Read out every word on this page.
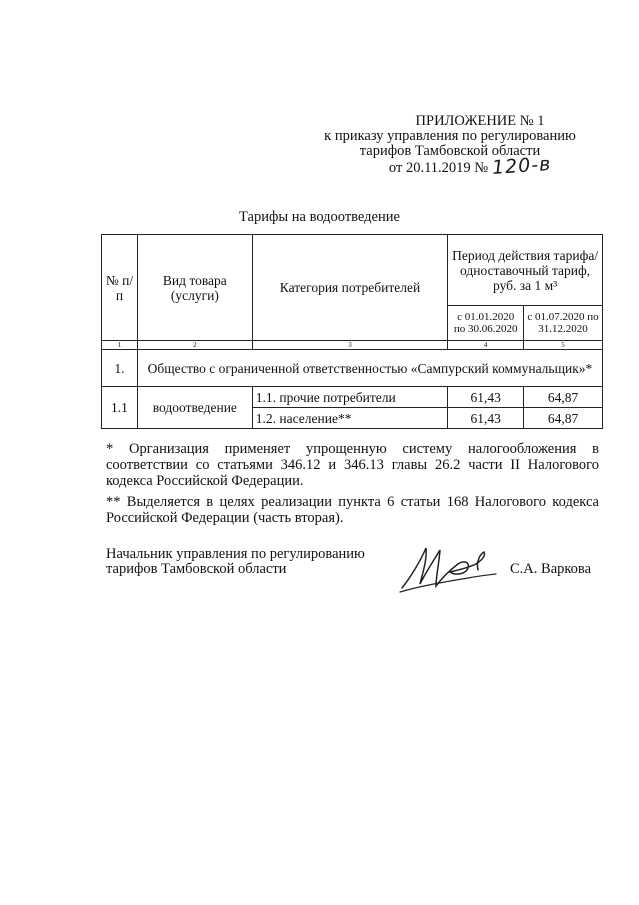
ПРИЛОЖЕНИЕ № 1
к приказу управления по регулированию
тарифов Тамбовской области
от 20.11.2019 № 120-в
Тарифы на водоотведение
№ п/п	Вид товара (услуги)	Категория потребителей	Период действия тарифа/одноставочный тариф, руб. за 1 м³	
			с 01.01.2020 по 30.06.2020	с 01.07.2020 по 31.12.2020
1	2	3	4	5
1.	Общество с ограниченной ответственностью «Сампурский коммунальщик»*			
1.1	водоотведение	1.1. прочие потребители	61,43	64,87
		1.2. население**	61,43	64,87

* Организация применяет упрощенную систему налогообложения в соответствии со статьями 346.12 и 346.13 главы 26.2 части II Налогового кодекса Российской Федерации.

** Выделяется в целях реализации пункта 6 статьи 168 Налогового кодекса Российской Федерации (часть вторая).

Начальник управления по регулированию
тарифов Тамбовской области	С.А. Варкова
